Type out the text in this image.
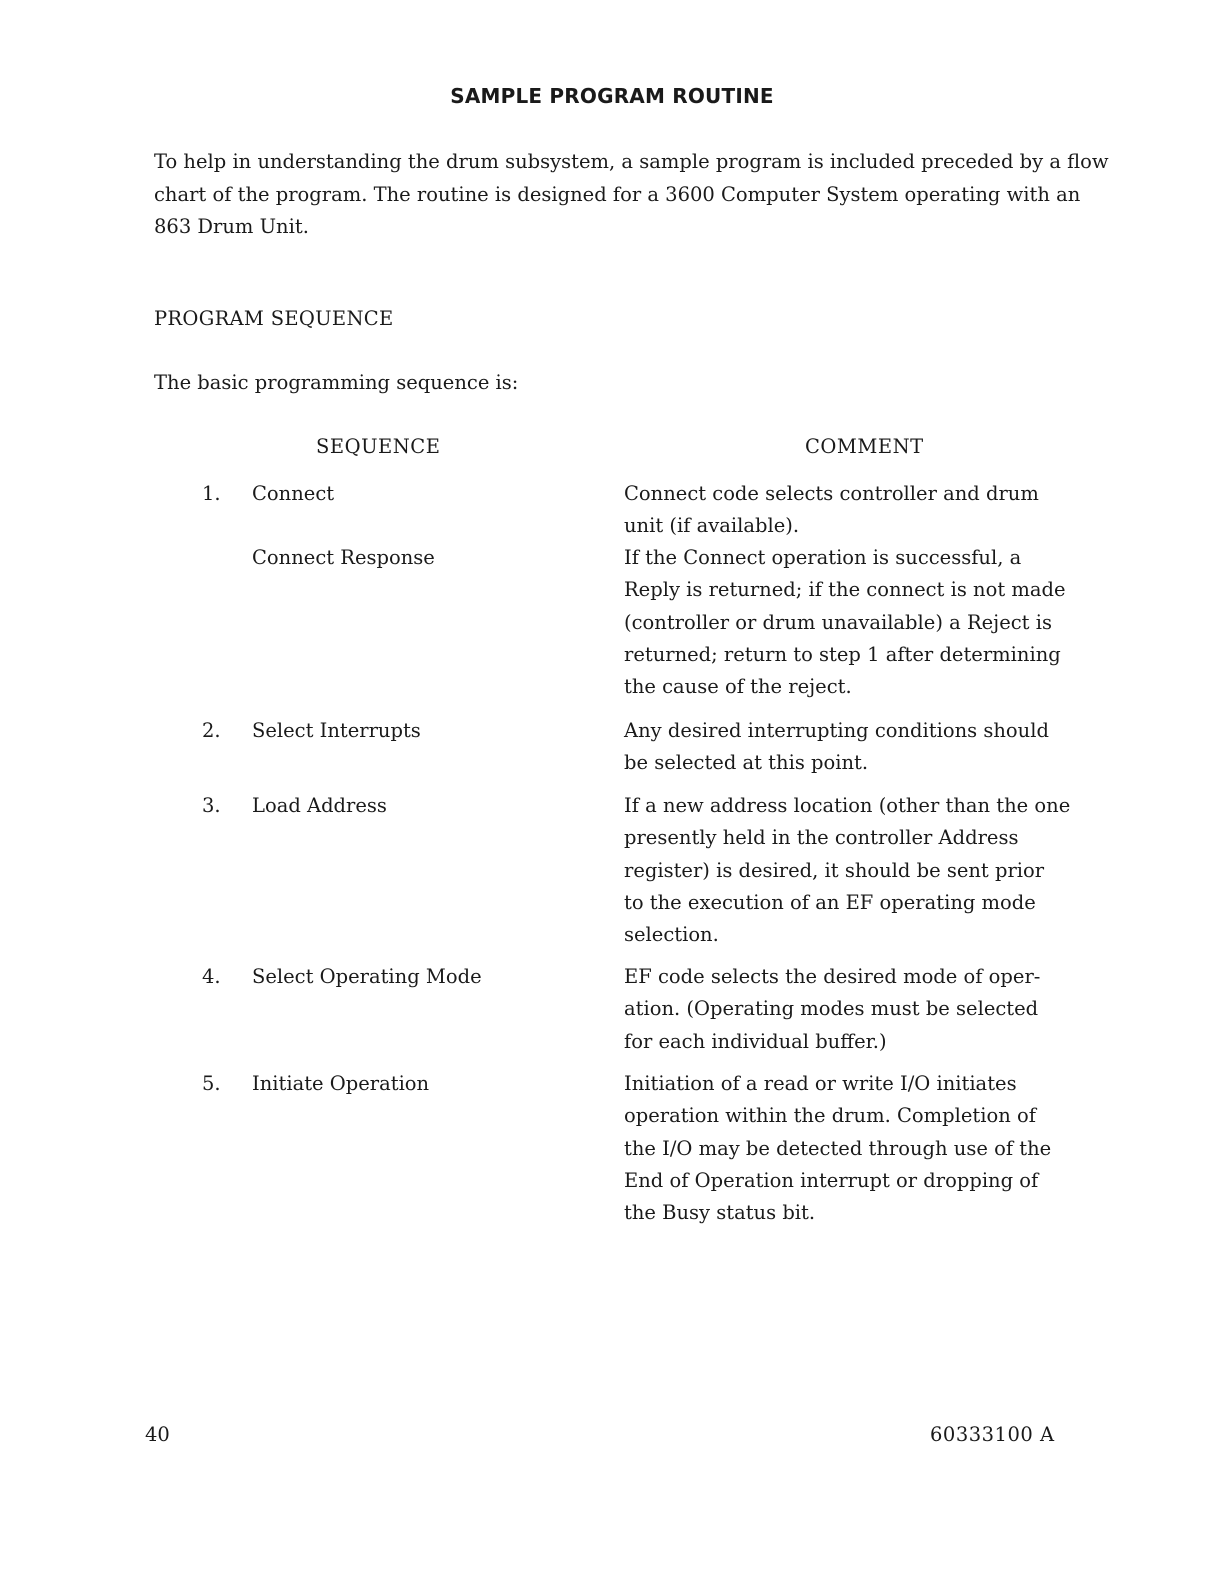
SAMPLE PROGRAM ROUTINE

To help in understanding the drum subsystem, a sample program is included preceded by a flow chart of the program. The routine is designed for a 3600 Computer System operating with an 863 Drum Unit.

PROGRAM SEQUENCE

The basic programming sequence is:

SEQUENCE	COMMENT

1. Connect	Connect code selects controller and drum
unit (if available).
Connect Response	If the Connect operation is successful, a
Reply is returned; if the connect is not made
(controller or drum unavailable) a Reject is
returned; return to step 1 after determining
the cause of the reject.
2. Select Interrupts	Any desired interrupting conditions should
be selected at this point.
3. Load Address	If a new address location (other than the one
presently held in the controller Address
register) is desired, it should be sent prior
to the execution of an EF operating mode
selection.
4. Select Operating Mode	EF code selects the desired mode of oper-
ation. (Operating modes must be selected
for each individual buffer.)
5. Initiate Operation	Initiation of a read or write I/O initiates
operation within the drum. Completion of
the I/O may be detected through use of the
End of Operation interrupt or dropping of
the Busy status bit.
40	60333100 A
